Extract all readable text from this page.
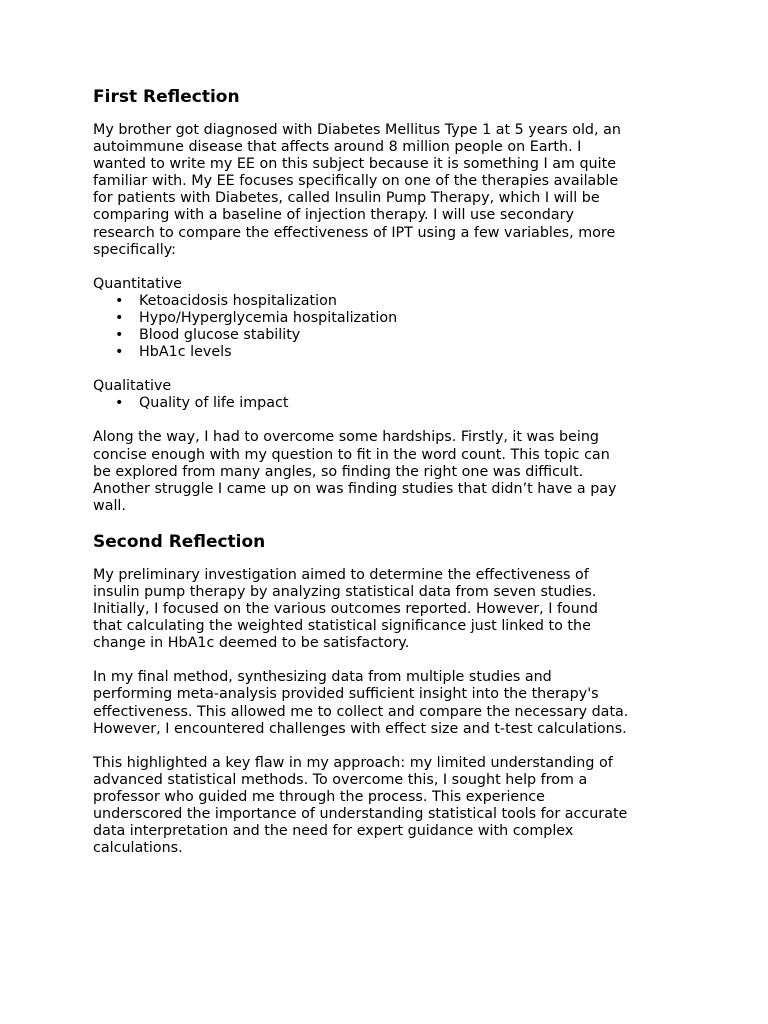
First Reflection

My brother got diagnosed with Diabetes Mellitus Type 1 at 5 years old, an
autoimmune disease that affects around 8 million people on Earth. I
wanted to write my EE on this subject because it is something I am quite
familiar with. My EE focuses specifically on one of the therapies available
for patients with Diabetes, called Insulin Pump Therapy, which I will be
comparing with a baseline of injection therapy. I will use secondary
research to compare the effectiveness of IPT using a few variables, more
specifically:

Quantitative

• Ketoacidosis hospitalization
• Hypo/Hyperglycemia hospitalization
• Blood glucose stability
• HbA1c levels

Qualitative

• Quality of life impact

Along the way, I had to overcome some hardships. Firstly, it was being
concise enough with my question to fit in the word count. This topic can
be explored from many angles, so finding the right one was difficult.
Another struggle I came up on was finding studies that didn’t have a pay
wall.

Second Reflection

My preliminary investigation aimed to determine the effectiveness of
insulin pump therapy by analyzing statistical data from seven studies.
Initially, I focused on the various outcomes reported. However, I found
that calculating the weighted statistical significance just linked to the
change in HbA1c deemed to be satisfactory.

In my final method, synthesizing data from multiple studies and
performing meta-analysis provided sufficient insight into the therapy's
effectiveness. This allowed me to collect and compare the necessary data.
However, I encountered challenges with effect size and t-test calculations.

This highlighted a key flaw in my approach: my limited understanding of
advanced statistical methods. To overcome this, I sought help from a
professor who guided me through the process. This experience
underscored the importance of understanding statistical tools for accurate
data interpretation and the need for expert guidance with complex
calculations.
